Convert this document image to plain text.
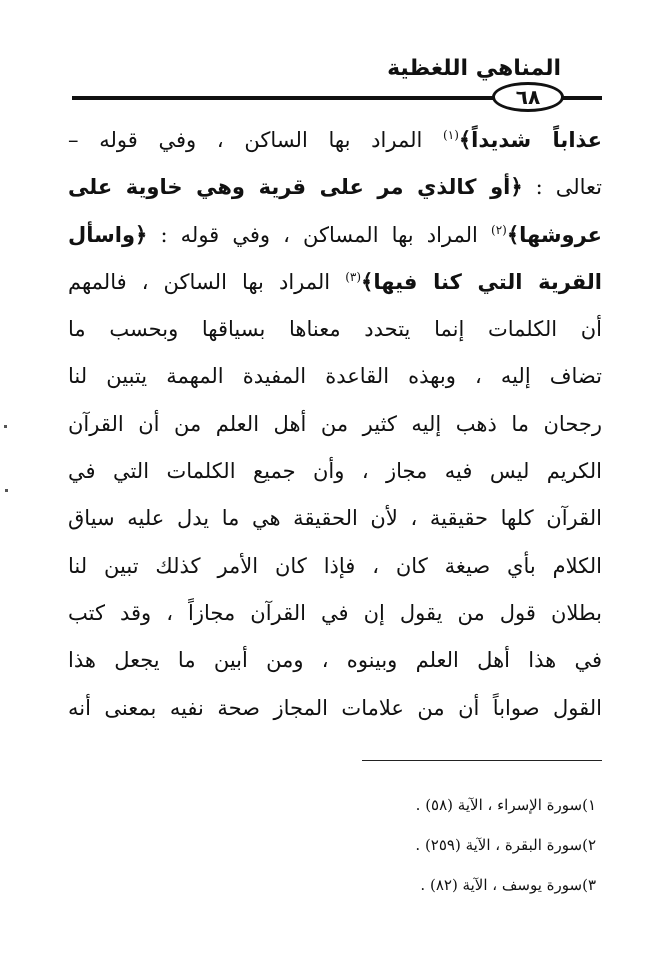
المناهي اللغظية
٦٨
عذاباً شديداً﴾$^{(١)}$ المراد بها الساكن ، وفي قوله –
تعالى : ﴿أو كالذي مر على قرية وهي خاوية على
عروشها﴾$^{(٢)}$ المراد بها المساكن ، وفي قوله : ﴿واسأل
القرية التي كنا فيها﴾$^{(٣)}$ المراد بها الساكن ، فالمهم
أن الكلمات إنما يتحدد معناها بسياقها وبحسب ما
تضاف إليه ، وبهذه القاعدة المفيدة المهمة يتبين لنا
رجحان ما ذهب إليه كثير من أهل العلم من أن القرآن
الكريم ليس فيه مجاز ، وأن جميع الكلمات التي في
القرآن كلها حقيقية ، لأن الحقيقة هي ما يدل عليه سياق
الكلام بأي صيغة كان ، فإذا كان الأمر كذلك تبين لنا
بطلان قول من يقول إن في القرآن مجازاً ، وقد كتب
في هذا أهل العلم وبينوه ، ومن أبين ما يجعل هذا
القول صواباً أن من علامات المجاز صحة نفيه بمعنى أنه
١)سورة الإسراء ، الآية (٥٨) .
٢)سورة البقرة ، الآية (٢٥٩) .
٣)سورة يوسف ، الآية (٨٢) .
